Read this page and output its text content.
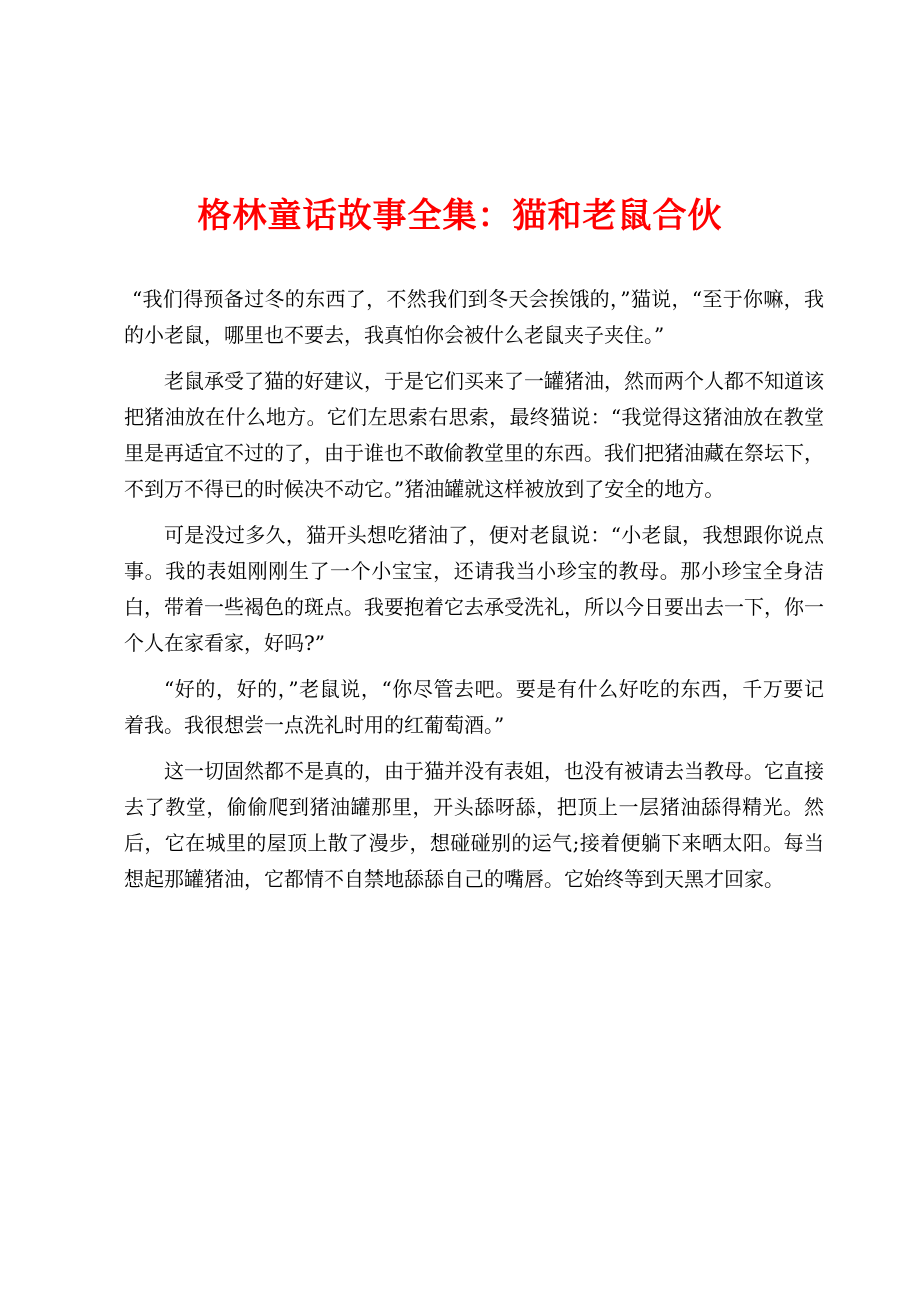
格林童话故事全集：猫和老鼠合伙

“我们得预备过冬的东西了，不然我们到冬天会挨饿的，”猫说，“至于你嘛，我的小老鼠，哪里也不要去，我真怕你会被什么老鼠夹子夹住。”

老鼠承受了猫的好建议，于是它们买来了一罐猪油，然而两个人都不知道该把猪油放在什么地方。它们左思索右思索，最终猫说：“我觉得这猪油放在教堂里是再适宜不过的了，由于谁也不敢偷教堂里的东西。我们把猪油藏在祭坛下，不到万不得已的时候决不动它。”猪油罐就这样被放到了安全的地方。

可是没过多久，猫开头想吃猪油了，便对老鼠说：“小老鼠，我想跟你说点事。我的表姐刚刚生了一个小宝宝，还请我当小珍宝的教母。那小珍宝全身洁白，带着一些褐色的斑点。我要抱着它去承受洗礼，所以今日要出去一下，你一个人在家看家，好吗?”

“好的，好的，”老鼠说，“你尽管去吧。要是有什么好吃的东西，千万要记着我。我很想尝一点洗礼时用的红葡萄酒。”

这一切固然都不是真的，由于猫并没有表姐，也没有被请去当教母。它直接去了教堂，偷偷爬到猪油罐那里，开头舔呀舔，把顶上一层猪油舔得精光。然后，它在城里的屋顶上散了漫步，想碰碰别的运气;接着便躺下来晒太阳。每当想起那罐猪油，它都情不自禁地舔舔自己的嘴唇。它始终等到天黑才回家。
